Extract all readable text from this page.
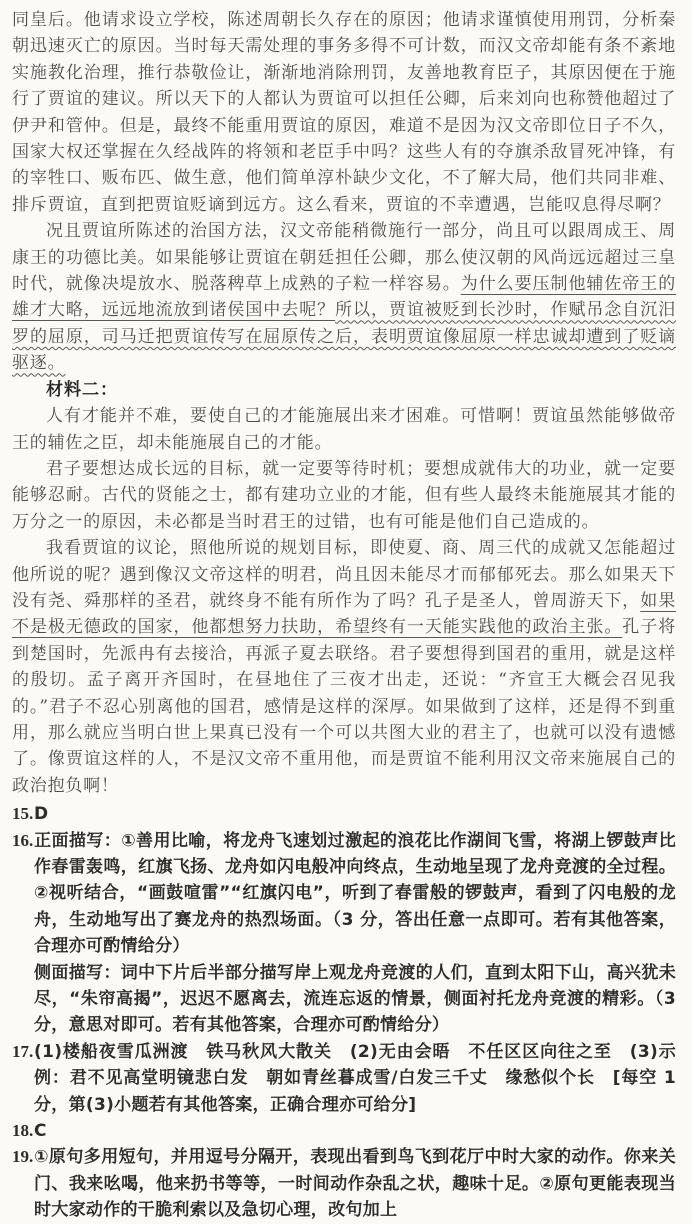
同皇后。他请求设立学校，陈述周朝长久存在的原因；他请求谨慎使用刑罚，分析秦朝迅速灭亡的原因。当时每天需处理的事务多得不可计数，而汉文帝却能有条不紊地实施教化治理，推行恭敬俭让，渐渐地消除刑罚，友善地教育臣子，其原因便在于施行了贾谊的建议。所以天下的人都认为贾谊可以担任公卿，后来刘向也称赞他超过了伊尹和管仲。但是，最终不能重用贾谊的原因，难道不是因为汉文帝即位日子不久，国家大权还掌握在久经战阵的将领和老臣手中吗？这些人有的夺旗杀敌冒死冲锋，有的宰牲口、贩布匹、做生意，他们简单淳朴缺少文化，不了解大局，他们共同非难、排斥贾谊，直到把贾谊贬谪到远方。这么看来，贾谊的不幸遭遇，岂能叹息得尽啊？

况且贾谊所陈述的治国方法，汉文帝能稍微施行一部分，尚且可以跟周成王、周康王的功德比美。如果能够让贾谊在朝廷担任公卿，那么使汉朝的风尚远远超过三皇时代，就像决堤放水、脱落稗草上成熟的子粒一样容易。为什么要压制他辅佐帝王的雄才大略，远远地流放到诸侯国中去呢？所以，贾谊被贬到长沙时，作赋吊念自沉汨罗的屈原，司马迁把贾谊传写在屈原传之后，表明贾谊像屈原一样忠诚却遭到了贬谪驱逐。

材料二：

人有才能并不难，要使自己的才能施展出来才困难。可惜啊！贾谊虽然能够做帝王的辅佐之臣，却未能施展自己的才能。

君子要想达成长远的目标，就一定要等待时机；要想成就伟大的功业，就一定要能够忍耐。古代的贤能之士，都有建功立业的才能，但有些人最终未能施展其才能的万分之一的原因，未必都是当时君王的过错，也有可能是他们自己造成的。

我看贾谊的议论，照他所说的规划目标，即使夏、商、周三代的成就又怎能超过他所说的呢？遇到像汉文帝这样的明君，尚且因未能尽才而郁郁死去。那么如果天下没有尧、舜那样的圣君，就终身不能有所作为了吗？孔子是圣人，曾周游天下，如果不是极无德政的国家，他都想努力扶助，希望终有一天能实践他的政治主张。孔子将到楚国时，先派冉有去接洽，再派子夏去联络。君子要想得到国君的重用，就是这样的殷切。孟子离开齐国时，在昼地住了三夜才出走，还说：“齐宣王大概会召见我的。”君子不忍心别离他的国君，感情是这样的深厚。如果做到了这样，还是得不到重用，那么就应当明白世上果真已没有一个可以共图大业的君主了，也就可以没有遗憾了。像贾谊这样的人，不是汉文帝不重用他，而是贾谊不能利用汉文帝来施展自己的政治抱负啊！

15.D

16.正面描写：①善用比喻，将龙舟飞速划过激起的浪花比作湖间飞雪，将湖上锣鼓声比作春雷轰鸣，红旗飞扬、龙舟如闪电般冲向终点，生动地呈现了龙舟竞渡的全过程。②视听结合，“画鼓喧雷”“红旗闪电”，听到了春雷般的锣鼓声，看到了闪电般的龙舟，生动地写出了赛龙舟的热烈场面。（3 分，答出任意一点即可。若有其他答案，合理亦可酌情给分）

侧面描写：词中下片后半部分描写岸上观龙舟竞渡的人们，直到太阳下山，高兴犹未尽，“朱帘高揭”，迟迟不愿离去，流连忘返的情景，侧面衬托龙舟竞渡的精彩。（3 分，意思对即可。若有其他答案，合理亦可酌情给分）

17.(1)楼船夜雪瓜洲渡　铁马秋风大散关　(2)无由会晤　不任区区向往之至　(3)示例：君不见高堂明镜悲白发　朝如青丝暮成雪/白发三千丈　缘愁似个长　[每空 1 分，第(3)小题若有其他答案，正确合理亦可给分]

18.C

19.①原句多用短句，并用逗号分隔开，表现出看到鸟飞到花厅中时大家的动作。你来关门、我来吆喝，他来扔书等等，一时间动作杂乱之状，趣味十足。②原句更能表现当时大家动作的干脆利索以及急切心理，改句加上
